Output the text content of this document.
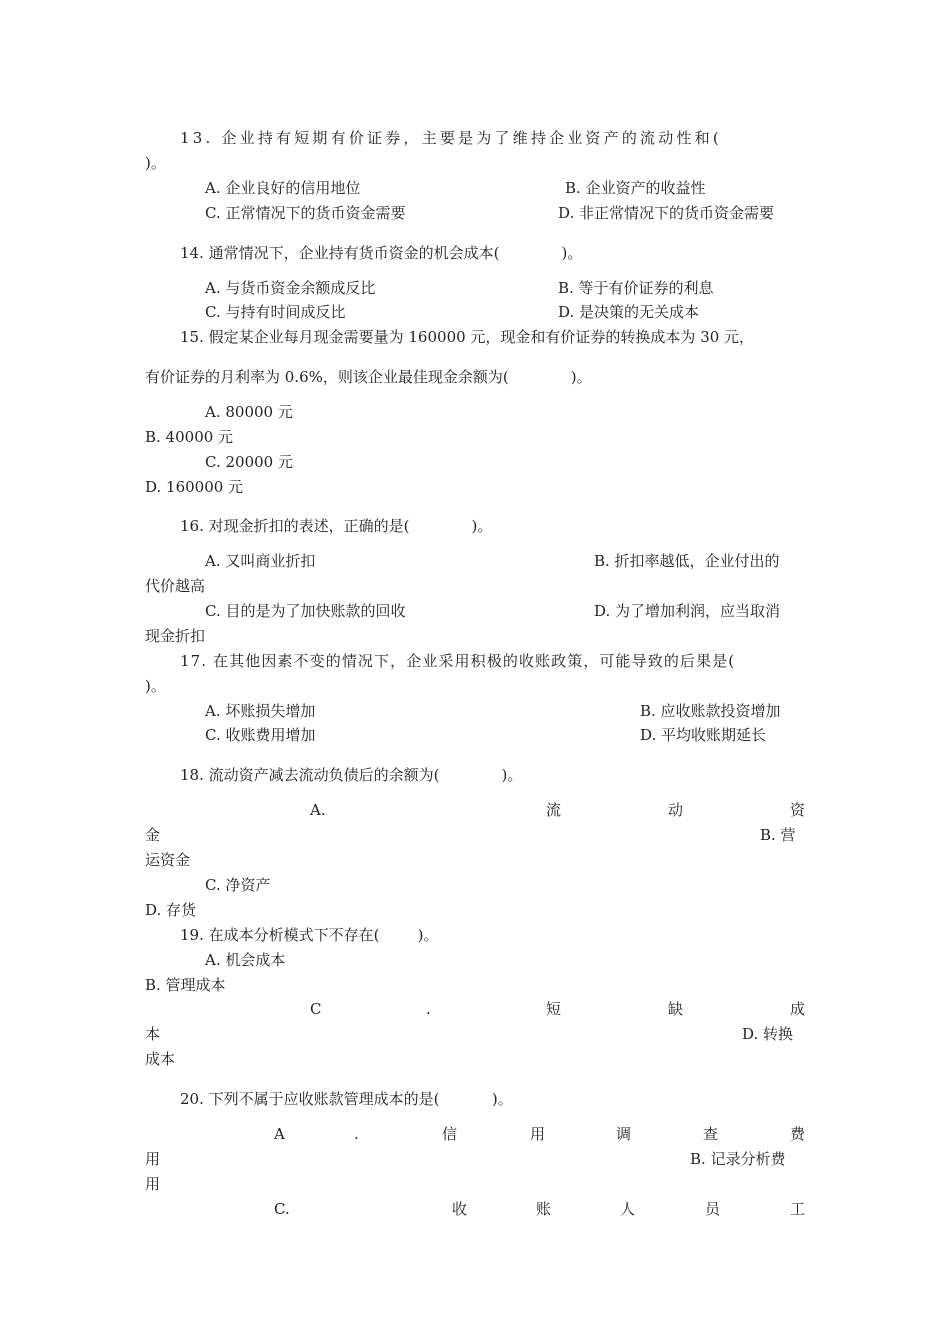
13. 企业持有短期有价证券，主要是为了维持企业资产的流动性和(
)。
A. 企业良好的信用地位	B. 企业资产的收益性
C. 正常情况下的货币资金需要	D. 非正常情况下的货币资金需要
14. 通常情况下，企业持有货币资金的机会成本(             )。
A. 与货币资金余额成反比	B. 等于有价证券的利息
C. 与持有时间成反比	D. 是决策的无关成本
15. 假定某企业每月现金需要量为 160000 元，现金和有价证券的转换成本为 30 元，
有价证券的月利率为 0.6%，则该企业最佳现金余额为(             )。
A. 80000 元
B. 40000 元
C. 20000 元
D. 160000 元
16. 对现金折扣的表述，正确的是(             )。
A. 又叫商业折扣	B. 折扣率越低，企业付出的
代价越高
C. 目的是为了加快账款的回收	D. 为了增加利润，应当取消
现金折扣
17. 在其他因素不变的情况下，企业采用积极的收账政策，可能导致的后果是(
)。
A. 坏账损失增加	B. 应收账款投资增加
C. 收账费用增加	D. 平均收账期延长
18. 流动资产减去流动负债后的余额为(             )。
A.	流	动	资
金	B. 营
运资金
C. 净资产
D. 存货
19. 在成本分析模式下不存在(        )。
A. 机会成本
B. 管理成本
C	.	短	缺	成
本	D. 转换
成本
20. 下列不属于应收账款管理成本的是(           )。
A	.	信	用	调	查	费
用	B. 记录分析费
用
C.	收	账	人	员	工
